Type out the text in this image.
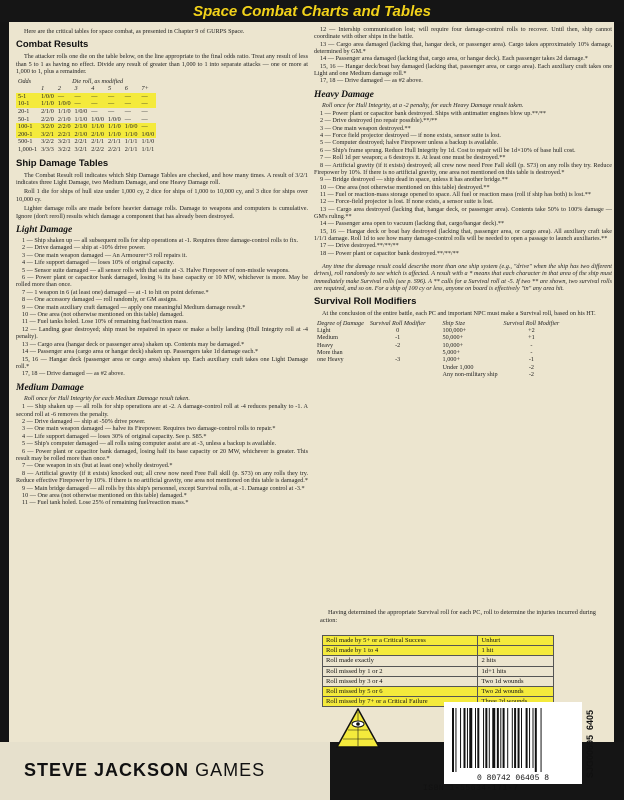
Space Combat Charts and Tables

Here are the critical tables for space combat, as presented in Chapter 9 of GURPS Space.

Combat Results

The attacker rolls one die on the table below, on the line appropriate to the final odds ratio. Treat any result of less than 5 to 1 as having no effect. Divide any result of greater than 1,000 to 1 into separate attacks — one or more at 1,000 to 1, plus a remainder.

Odds	Die roll, as modified						
	1	2	3	4	5	6	7+
5-1	1/0/0	—	—	—	—	—	—
10-1	1/1/0	1/0/0	—	—	—	—	—
20-1	2/1/0	1/1/0	1/0/0	—	—	—	—
50-1	2/2/0	2/1/0	1/1/0	1/0/0	1/0/0	—	—
100-1	3/2/0	2/2/0	2/1/0	1/1/0	1/1/0	1/0/0	—
200-1	3/2/1	2/2/1	2/1/0	2/1/0	1/1/0	1/1/0	1/0/0
500-1	3/2/2	3/2/1	2/2/1	2/1/1	2/1/1	1/1/1	1/1/0
1,000-1	3/3/3	3/2/2	3/2/1	2/2/2	2/2/1	2/1/1	1/1/1
Ship Damage Tables

The Combat Result roll indicates which Ship Damage Tables are checked, and how many times. A result of 3/2/1 indicates three Light Damage, two Medium Damage, and one Heavy Damage roll.

Roll 1 die for ships of hull size under 1,000 cy, 2 dice for ships of 1,000 to 10,000 cy, and 3 dice for ships over 10,000 cy.

Lighter damage rolls are made before heavier damage rolls. Damage to weapons and computers is cumulative. Ignore (don't reroll) results which damage a component that has already been destroyed.

Light Damage
1 — Ship shaken up — all subsequent rolls for ship operations at -1. Requires three damage-control rolls to fix.
2 — Drive damaged — ship at -10% drive power.
3 — One main weapon damaged — An Armourer+3 roll repairs it.
4 — Life support damaged — loses 10% of original capacity.
5 — Sensor suite damaged — all sensor rolls with that suite at -3. Halve Firepower of non-missile weapons.
6 — Power plant or capacitor bank damaged, losing ¼ its base capacity or 10 MW, whichever is more. May be rolled more than once.
7 — 1 weapon in 6 (at least one) damaged — at -1 to hit on point defense.*
8 — One accessory damaged — roll randomly, or GM assigns.
9 — One main auxiliary craft damaged — apply one meaningful Medium damage result.*
10 — One area (not otherwise mentioned on this table) damaged.
11 — Fuel tanks holed. Lose 10% of remaining fuel/reaction mass.
12 — Landing gear destroyed; ship must be repaired in space or make a belly landing (Hull Integrity roll at -4 penalty).
13 — Cargo area (hangar deck or passenger area) shaken up. Contents may be damaged.*
14 — Passenger area (cargo area or hangar deck) shaken up. Passengers take 1d damage each.*
15, 16 — Hangar deck (passenger area or cargo area) shaken up. Each auxiliary craft takes one Light Damage roll.*
17, 18 — Drive damaged — as #2 above.
Medium Damage

Roll once for Hull Integrity for each Medium Damage result taken.

1 — Ship shaken up — all rolls for ship operations are at -2. A damage-control roll at -4 reduces penalty to -1. A second roll at -6 removes the penalty.
2 — Drive damaged — ship at -50% drive power.
3 — One main weapon damaged — halve its Firepower. Requires two damage-control rolls to repair.*
4 — Life support damaged — loses 30% of original capacity. See p. S85.*
5 — Ship's computer damaged — all rolls using computer assist are at -3, unless a backup is available.
6 — Power plant or capacitor bank damaged, losing half its base capacity or 20 MW, whichever is greater. This result may be rolled more than once.*
7 — One weapon in six (but at least one) wholly destroyed.*
8 — Artificial gravity (if it exists) knocked out; all crew now need Free Fall skill (p. S73) on any rolls they try. Reduce effective Firepower by 10%. If there is no artificial gravity, one area not mentioned on this table is damaged.*
9 — Main bridge damaged — all rolls by this ship's personnel, except Survival rolls, at -1. Damage control at -3.*
10 — One area (not otherwise mentioned on this table) damaged.*
11 — Fuel tank holed. Lose 25% of remaining fuel/reaction mass.*
12 — Intership communication lost; will require four damage-control rolls to recover. Until then, ship cannot coordinate with other ships in the battle.
13 — Cargo area damaged (lacking that, hangar deck, or passenger area). Cargo takes approximately 10% damage, determined by GM.*
14 — Passenger area damaged (lacking that, cargo area, or hangar deck). Each passenger takes 2d damage.*
15, 16 — Hangar deck/boat bay damaged (lacking that, passenger area, or cargo area). Each auxiliary craft takes one Light and one Medium damage roll.*
17, 18 — Drive damaged — as #2 above.
Heavy Damage

Roll once for Hull Integrity, at a -2 penalty, for each Heavy Damage result taken.

1 — Power plant or capacitor bank destroyed. Ships with antimatter engines blow up.**/**
2 — Drive destroyed (no repair possible).**/**
3 — One main weapon destroyed.**
4 — Force field projector destroyed — if none exists, sensor suite is lost.
5 — Computer destroyed; halve Firepower unless a backup is available.
6 — Ship's frame sprung. Reduce Hull Integrity by 1d. Cost to repair will be 1d×10% of base hull cost.
7 — Roll 1d per weapon; a 6 destroys it. At least one must be destroyed.**
8 — Artificial gravity (if it exists) destroyed; all crew now need Free Fall skill (p. S73) on any rolls they try. Reduce Firepower by 10%. If there is no artificial gravity, one area not mentioned on this table is destroyed.*
9 — Bridge destroyed — ship dead in space, unless it has another bridge.**
10 — One area (not otherwise mentioned on this table) destroyed.**
11 — Fuel or reaction-mass storage opened to space. All fuel or reaction mass (roll if ship has both) is lost.**
12 — Force-field projector is lost. If none exists, a sensor suite is lost.
13 — Cargo area destroyed (lacking that, hangar deck, or passenger area). Contents take 50% to 100% damage — GM's ruling.**
14 — Passenger area open to vacuum (lacking that, cargo/hangar deck).**
15, 16 — Hangar deck or boat bay destroyed (lacking that, passenger area, or cargo area). All auxiliary craft take 1/1/1 damage. Roll 1d to see how many damage-control rolls will be needed to open a passage to launch auxiliaries.**
17 — Drive destroyed.**/**/**
18 — Power plant or capacitor bank destroyed.**/**/**

Any time the damage result could describe more than one ship system (e.g., "drive" when the ship has two different drives), roll randomly to see which is affected. A result with a * means that each character in that area of the ship must immediately make Survival rolls (see p. S96). A ** calls for a Survival roll at -5. If two ** are shown, two survival rolls are required, and so on. For a ship of 100 cy or less, anyone on board is effectively "in" any area hit.

Survival Roll Modifiers

At the conclusion of the entire battle, each PC and important NPC must make a Survival roll, based on his HT.

Degree of Damage	Survival Roll Modifier	Ship Size	Survival Roll Modifier
Light	0	100,000+	+2
Medium	-1	50,000+	+1
Heavy	-2	10,000+	-
More than		5,000+	-
one Heavy	-3	1,000+	-1
		Under 1,000	-2
		Any non-military ship	-2
Having determined the appropriate Survival roll for each PC, roll to determine the injuries incurred during action:
Roll made by 5+ or a Critical Success	Unhurt
Roll made by 1 to 4	1 hit
Roll made exactly	2 hits
Roll missed by 1 or 2	1d+1 hits
Roll missed by 3 or 4	Two 1d wounds
Roll missed by 5 or 6	Two 2d wounds
Roll missed by 7+ or a Critical Failure	Three 2d wounds
STEVE JACKSON GAMES	0 80742 06405 8
SJG00695
6405
ISBN 1-55634-171-7
